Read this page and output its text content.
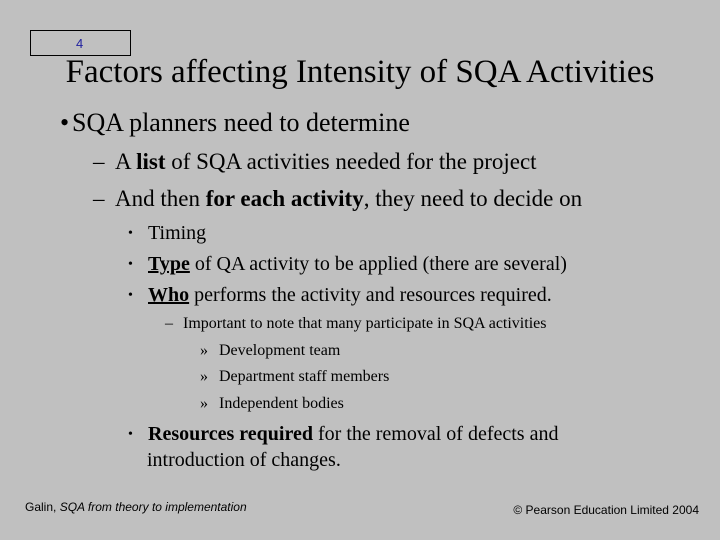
4
Factors affecting Intensity of SQA Activities
• SQA planners need to determine
– A list of SQA activities needed for the project
– And then for each activity, they need to decide on
• Timing
• Type of QA activity to be applied (there are several)
• Who performs the activity and resources required.
– Important to note that many participate in SQA activities
» Development team
» Department staff members
» Independent bodies
• Resources required for the removal of defects and
introduction of changes.
Galin, SQA from theory to implementation	© Pearson Education Limited 2004
